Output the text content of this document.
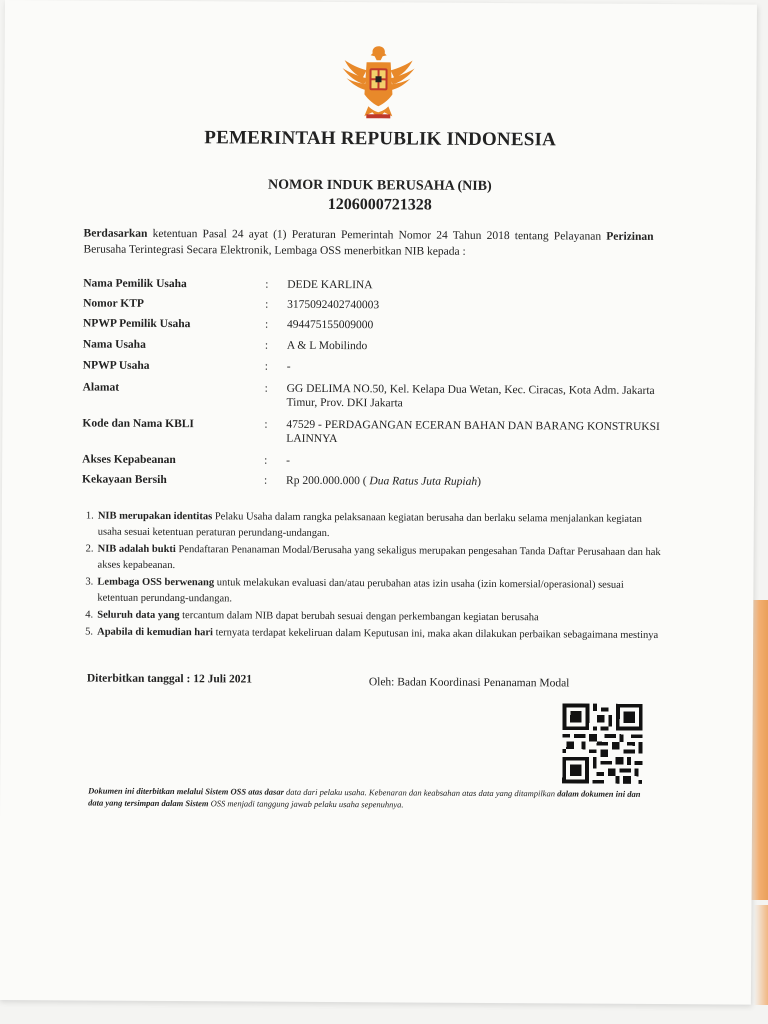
PEMERINTAH REPUBLIK INDONESIA
NOMOR INDUK BERUSAHA (NIB)
1206000721328
Berdasarkan ketentuan Pasal 24 ayat (1) Peraturan Pemerintah Nomor 24 Tahun 2018 tentang Pelayanan Perizinan Berusaha Terintegrasi Secara Elektronik, Lembaga OSS menerbitkan NIB kepada :
Nama Pemilik Usaha	: DEDE KARLINA
Nomor KTP	: 3175092402740003
NPWP Pemilik Usaha	: 494475155009000
Nama Usaha	: A & L Mobilindo
NPWP Usaha	: -
Alamat	: GG DELIMA NO.50, Kel. Kelapa Dua Wetan, Kec. Ciracas, Kota Adm. Jakarta Timur, Prov. DKI Jakarta
Kode dan Nama KBLI	: 47529 - PERDAGANGAN ECERAN BAHAN DAN BARANG KONSTRUKSI LAINNYA
Akses Kepabeanan	: -
Kekayaan Bersih	: Rp 200.000.000 ( Dua Ratus Juta Rupiah)
1. NIB merupakan identitas Pelaku Usaha dalam rangka pelaksanaan kegiatan berusaha dan berlaku selama menjalankan kegiatan usaha sesuai ketentuan peraturan perundang-undangan.
2. NIB adalah bukti Pendaftaran Penanaman Modal/Berusaha yang sekaligus merupakan pengesahan Tanda Daftar Perusahaan dan hak akses kepabeanan.
3. Lembaga OSS berwenang untuk melakukan evaluasi dan/atau perubahan atas izin usaha (izin komersial/operasional) sesuai ketentuan perundang-undangan.
4. Seluruh data yang tercantum dalam NIB dapat berubah sesuai dengan perkembangan kegiatan berusaha
5. Apabila di kemudian hari ternyata terdapat kekeliruan dalam Keputusan ini, maka akan dilakukan perbaikan sebagaimana mestinya
Diterbitkan tanggal : 12 Juli 2021	Oleh: Badan Koordinasi Penanaman Modal
Dokumen ini diterbitkan melalui Sistem OSS atas dasar data dari pelaku usaha. Kebenaran dan keabsahan atas data yang ditampilkan dalam dokumen ini dan data yang tersimpan dalam Sistem OSS menjadi tanggung jawab pelaku usaha sepenuhnya.
